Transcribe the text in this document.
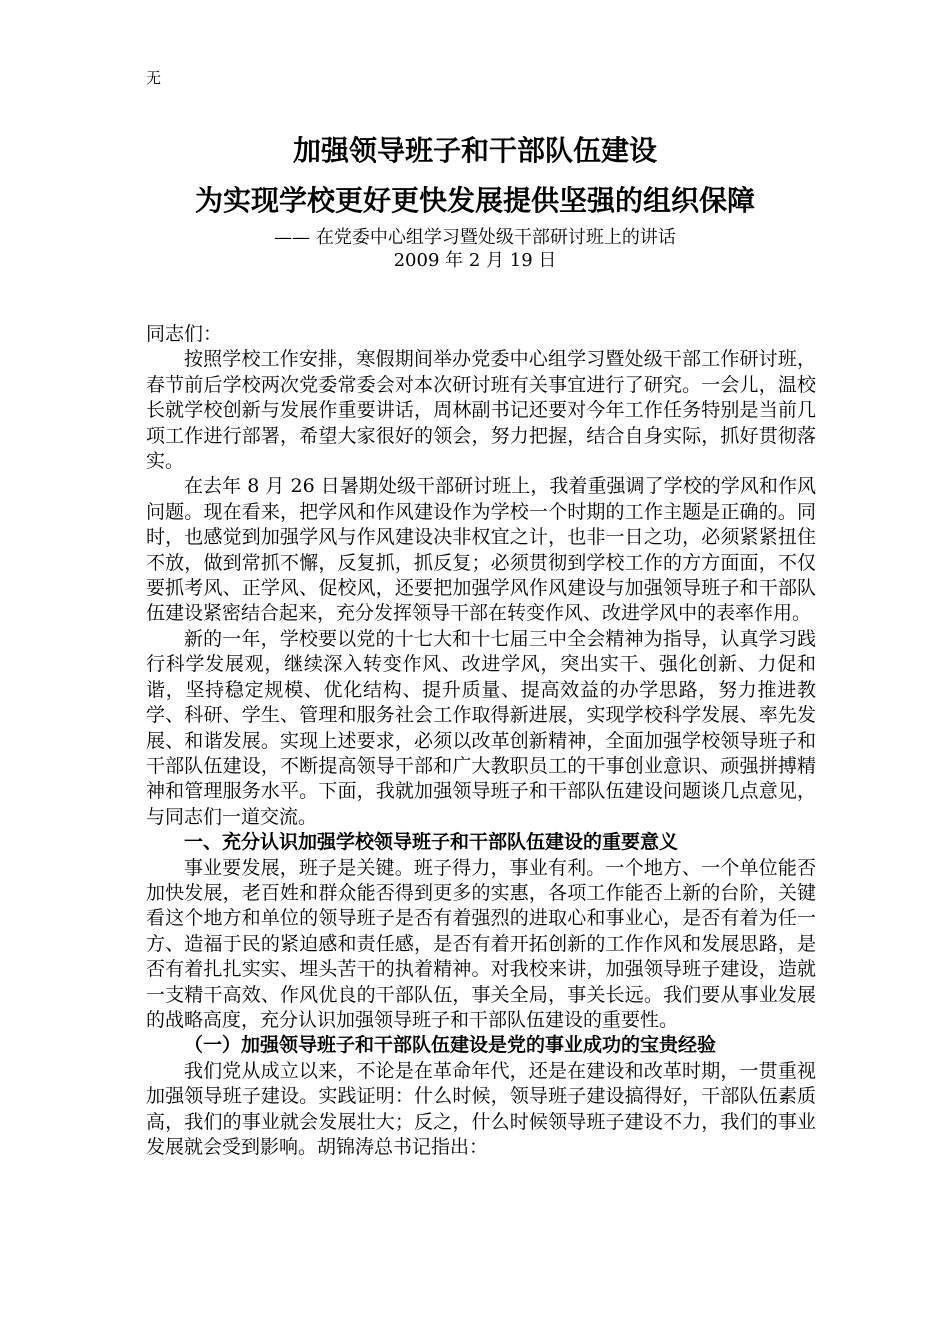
无
加强领导班子和干部队伍建设
为实现学校更好更快发展提供坚强的组织保障
—— 在党委中心组学习暨处级干部研讨班上的讲话
2009 年 2 月 19 日

同志们：

按照学校工作安排，寒假期间举办党委中心组学习暨处级干部工作研讨班，春节前后学校两次党委常委会对本次研讨班有关事宜进行了研究。一会儿，温校长就学校创新与发展作重要讲话，周林副书记还要对今年工作任务特别是当前几项工作进行部署，希望大家很好的领会，努力把握，结合自身实际，抓好贯彻落实。

在去年 8 月 26 日暑期处级干部研讨班上，我着重强调了学校的学风和作风问题。现在看来，把学风和作风建设作为学校一个时期的工作主题是正确的。同时，也感觉到加强学风与作风建设决非权宜之计，也非一日之功，必须紧紧扭住不放，做到常抓不懈，反复抓，抓反复；必须贯彻到学校工作的方方面面，不仅要抓考风、正学风、促校风，还要把加强学风作风建设与加强领导班子和干部队伍建设紧密结合起来，充分发挥领导干部在转变作风、改进学风中的表率作用。

新的一年，学校要以党的十七大和十七届三中全会精神为指导，认真学习践行科学发展观，继续深入转变作风、改进学风，突出实干、强化创新、力促和谐，坚持稳定规模、优化结构、提升质量、提高效益的办学思路，努力推进教学、科研、学生、管理和服务社会工作取得新进展，实现学校科学发展、率先发展、和谐发展。实现上述要求，必须以改革创新精神，全面加强学校领导班子和干部队伍建设，不断提高领导干部和广大教职员工的干事创业意识、顽强拼搏精神和管理服务水平。下面，我就加强领导班子和干部队伍建设问题谈几点意见，与同志们一道交流。

一、充分认识加强学校领导班子和干部队伍建设的重要意义

事业要发展，班子是关键。班子得力，事业有利。一个地方、一个单位能否加快发展，老百姓和群众能否得到更多的实惠，各项工作能否上新的台阶，关键看这个地方和单位的领导班子是否有着强烈的进取心和事业心，是否有着为任一方、造福于民的紧迫感和责任感，是否有着开拓创新的工作作风和发展思路，是否有着扎扎实实、埋头苦干的执着精神。对我校来讲，加强领导班子建设，造就一支精干高效、作风优良的干部队伍，事关全局，事关长远。我们要从事业发展的战略高度，充分认识加强领导班子和干部队伍建设的重要性。

（一）加强领导班子和干部队伍建设是党的事业成功的宝贵经验

我们党从成立以来，不论是在革命年代，还是在建设和改革时期，一贯重视加强领导班子建设。实践证明：什么时候，领导班子建设搞得好，干部队伍素质高，我们的事业就会发展壮大；反之，什么时候领导班子建设不力，我们的事业发展就会受到影响。胡锦涛总书记指出：
